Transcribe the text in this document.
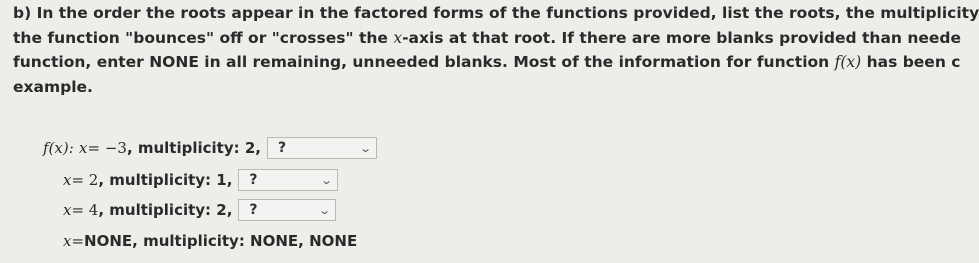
b) In the order the roots appear in the factored forms of the functions provided, list the roots, the multiplicity
the function "bounces" off or "crosses" the x-axis at that root. If there are more blanks provided than neede
function, enter NONE in all remaining, unneeded blanks. Most of the information for function f(x) has been c
example.
f(x):
x = −3 , multiplicity: 2, ?	⌄
x = 2 , multiplicity: 1, ?	⌄
x = 4 , multiplicity: 2, ?	⌄
x = NONE, multiplicity: NONE, NONE
